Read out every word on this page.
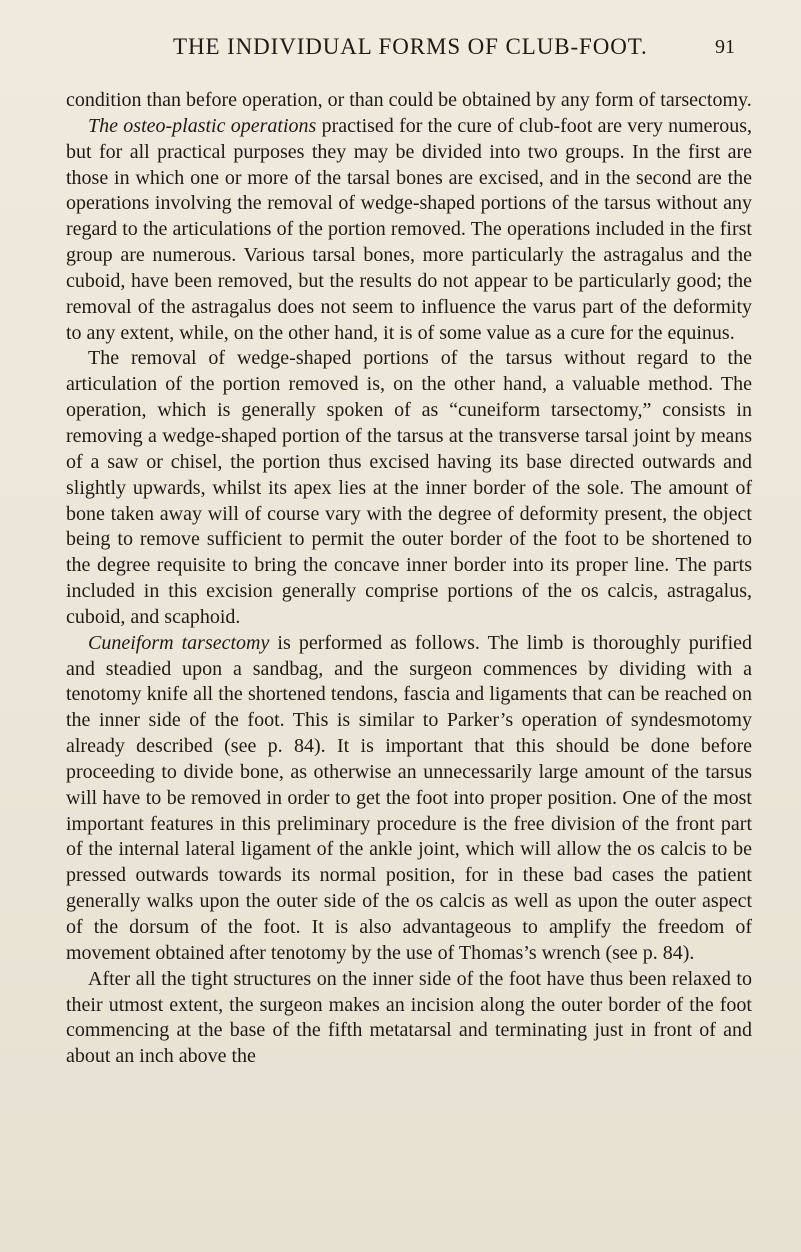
THE INDIVIDUAL FORMS OF CLUB-FOOT.	91

condition than before operation, or than could be obtained by any form of tarsectomy.

The osteo-plastic operations practised for the cure of club-foot are very numerous, but for all practical purposes they may be divided into two groups. In the first are those in which one or more of the tarsal bones are excised, and in the second are the operations involving the removal of wedge-shaped portions of the tarsus without any regard to the articulations of the portion removed. The operations included in the first group are numerous. Various tarsal bones, more particularly the astragalus and the cuboid, have been removed, but the results do not appear to be particularly good; the removal of the astragalus does not seem to influence the varus part of the deformity to any extent, while, on the other hand, it is of some value as a cure for the equinus.

The removal of wedge-shaped portions of the tarsus without regard to the articulation of the portion removed is, on the other hand, a valuable method. The operation, which is generally spoken of as “cuneiform tarsectomy,” consists in removing a wedge-shaped portion of the tarsus at the transverse tarsal joint by means of a saw or chisel, the portion thus excised having its base directed outwards and slightly upwards, whilst its apex lies at the inner border of the sole. The amount of bone taken away will of course vary with the degree of deformity present, the object being to remove sufficient to permit the outer border of the foot to be shortened to the degree requisite to bring the concave inner border into its proper line. The parts included in this excision generally comprise portions of the os calcis, astragalus, cuboid, and scaphoid.

Cuneiform tarsectomy is performed as follows. The limb is thoroughly purified and steadied upon a sandbag, and the surgeon commences by dividing with a tenotomy knife all the shortened tendons, fascia and ligaments that can be reached on the inner side of the foot. This is similar to Parker’s operation of syndesmotomy already described (see p. 84). It is important that this should be done before proceeding to divide bone, as otherwise an unnecessarily large amount of the tarsus will have to be removed in order to get the foot into proper position. One of the most important features in this preliminary procedure is the free division of the front part of the internal lateral ligament of the ankle joint, which will allow the os calcis to be pressed outwards towards its normal position, for in these bad cases the patient generally walks upon the outer side of the os calcis as well as upon the outer aspect of the dorsum of the foot. It is also advantageous to amplify the freedom of movement obtained after tenotomy by the use of Thomas’s wrench (see p. 84).

After all the tight structures on the inner side of the foot have thus been relaxed to their utmost extent, the surgeon makes an incision along the outer border of the foot commencing at the base of the fifth metatarsal and terminating just in front of and about an inch above the
